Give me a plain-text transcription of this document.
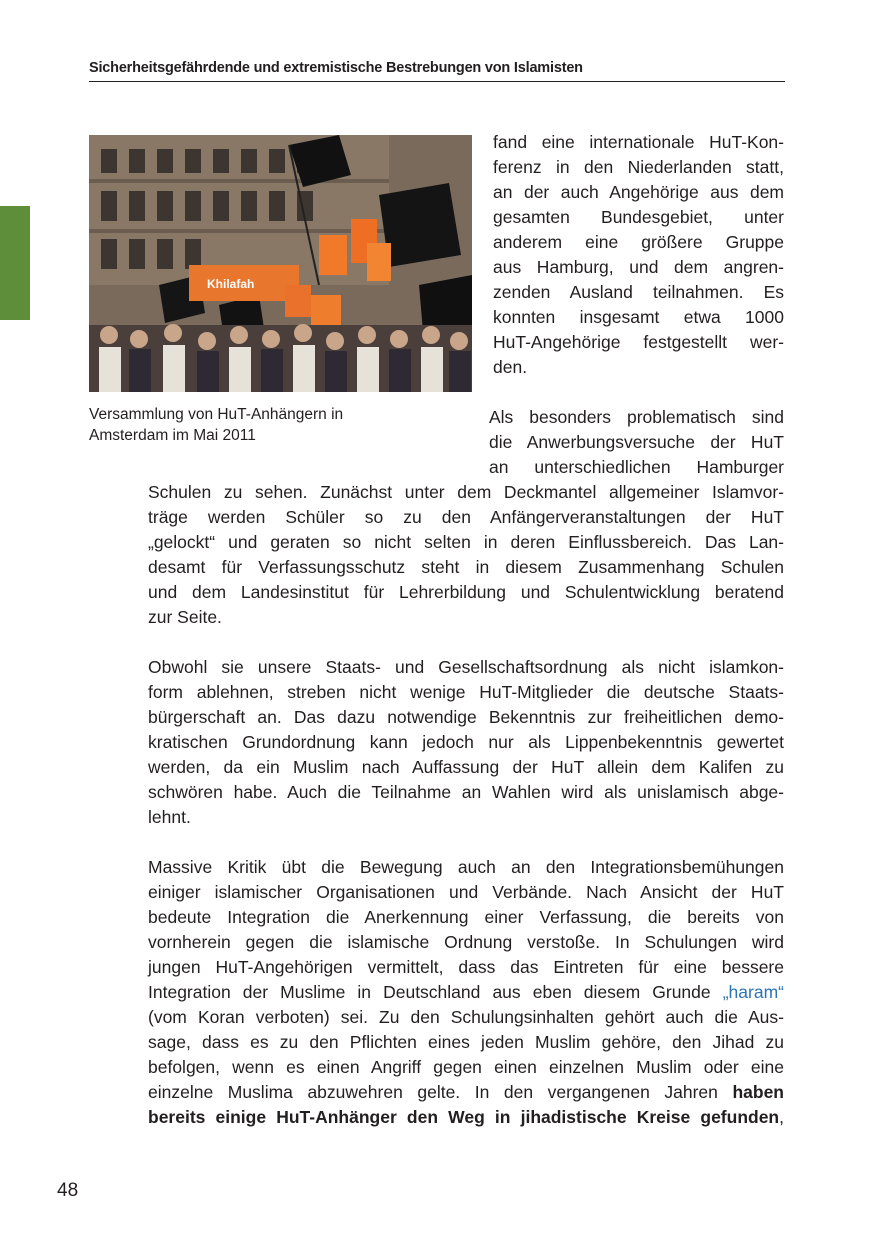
Sicherheitsgefährdende und extremistische Bestrebungen von Islamisten
Khilafah
Versammlung von HuT-Anhängern in
Amsterdam im Mai 2011
fand eine internationale HuT-Kon-
ferenz in den Niederlanden statt,
an der auch Angehörige aus dem
gesamten Bundesgebiet, unter
anderem eine größere Gruppe
aus Hamburg, und dem angren-
zenden Ausland teilnahmen. Es
konnten insgesamt etwa 1000
HuT-Angehörige festgestellt wer-
den.
Als besonders problematisch sind
die Anwerbungsversuche der HuT
an unterschiedlichen Hamburger
Schulen zu sehen. Zunächst unter dem Deckmantel allgemeiner Islamvor-
träge werden Schüler so zu den Anfängerveranstaltungen der HuT
„gelockt“ und geraten so nicht selten in deren Einflussbereich. Das Lan-
desamt für Verfassungsschutz steht in diesem Zusammenhang Schulen
und dem Landesinstitut für Lehrerbildung und Schulentwicklung beratend
zur Seite.
Obwohl sie unsere Staats- und Gesellschaftsordnung als nicht islamkon-
form ablehnen, streben nicht wenige HuT-Mitglieder die deutsche Staats-
bürgerschaft an. Das dazu notwendige Bekenntnis zur freiheitlichen demo-
kratischen Grundordnung kann jedoch nur als Lippenbekenntnis gewertet
werden, da ein Muslim nach Auffassung der HuT allein dem Kalifen zu
schwören habe. Auch die Teilnahme an Wahlen wird als unislamisch abge-
lehnt.
Massive Kritik übt die Bewegung auch an den Integrationsbemühungen
einiger islamischer Organisationen und Verbände. Nach Ansicht der HuT
bedeute Integration die Anerkennung einer Verfassung, die bereits von
vornherein gegen die islamische Ordnung verstoße. In Schulungen wird
jungen HuT-Angehörigen vermittelt, dass das Eintreten für eine bessere
Integration der Muslime in Deutschland aus eben diesem Grunde „haram“
(vom Koran verboten) sei. Zu den Schulungsinhalten gehört auch die Aus-
sage, dass es zu den Pflichten eines jeden Muslim gehöre, den Jihad zu
befolgen, wenn es einen Angriff gegen einen einzelnen Muslim oder eine
einzelne Muslima abzuwehren gelte. In den vergangenen Jahren haben
bereits einige HuT-Anhänger den Weg in jihadistische Kreise gefunden,
48
